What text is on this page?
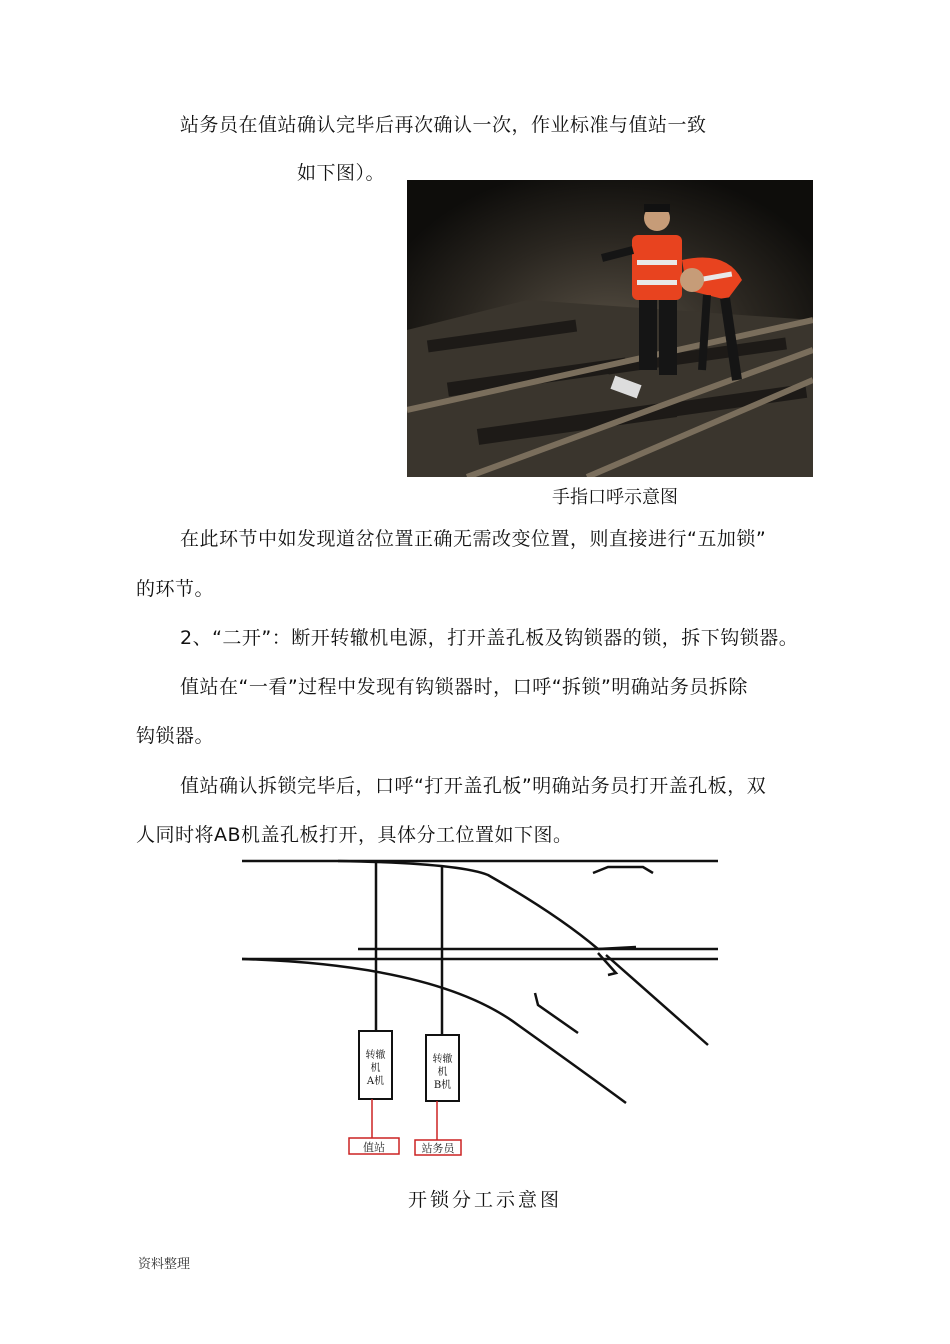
站务员在值站确认完毕后再次确认一次，作业标准与值站一致
如下图）。
手指口呼示意图
在此环节中如发现道岔位置正确无需改变位置，则直接进行“五加锁”
的环节。
2、“二开”：断开转辙机电源，打开盖孔板及钩锁器的锁，拆下钩锁器。
值站在“一看”过程中发现有钩锁器时，口呼“拆锁”明确站务员拆除
钩锁器。
值站确认拆锁完毕后，口呼“打开盖孔板”明确站务员打开盖孔板，双
人同时将AB机盖孔板打开，具体分工位置如下图。
转辙
机
A机
转辙
机
B机
值站	站务员
开锁分工示意图
资料整理
